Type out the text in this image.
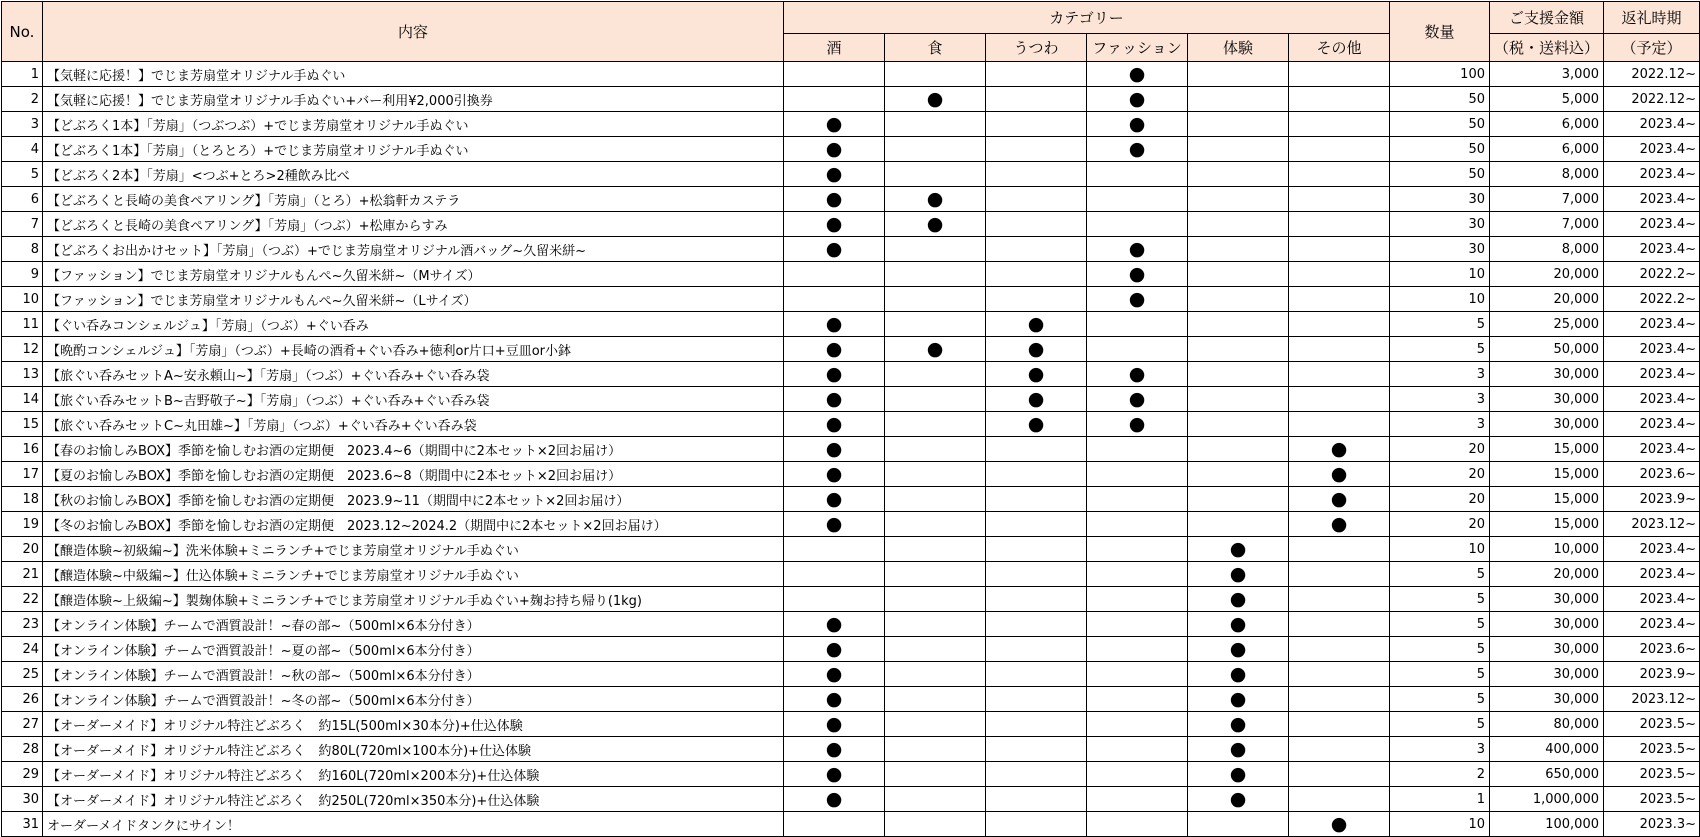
No.	内容	カテゴリー						数量	ご支援金額	返礼時期
		酒	食	うつわ	ファッション	体験	その他		（税・送料込）	（予定）
1	【気軽に応援！】でじま芳扇堂オリジナル手ぬぐい				●			100	3,000	2022.12~
2	【気軽に応援！】でじま芳扇堂オリジナル手ぬぐい+バー利用¥2,000引換券		●		●			50	5,000	2022.12~
3	【どぶろく1本】「芳扇」（つぶつぶ）+でじま芳扇堂オリジナル手ぬぐい	●			●			50	6,000	2023.4~
4	【どぶろく1本】「芳扇」（とろとろ）+でじま芳扇堂オリジナル手ぬぐい	●			●			50	6,000	2023.4~
5	【どぶろく2本】「芳扇」<つぶ+とろ>2種飲み比べ	●						50	8,000	2023.4~
6	【どぶろくと長崎の美食ペアリング】「芳扇」（とろ）+松翁軒カステラ	●	●					30	7,000	2023.4~
7	【どぶろくと長崎の美食ペアリング】「芳扇」（つぶ）+松庫からすみ	●	●					30	7,000	2023.4~
8	【どぶろくお出かけセット】「芳扇」（つぶ）+でじま芳扇堂オリジナル酒バッグ~久留米絣~	●			●			30	8,000	2023.4~
9	【ファッション】でじま芳扇堂オリジナルもんぺ~久留米絣~（Mサイズ）				●			10	20,000	2022.2~
10	【ファッション】でじま芳扇堂オリジナルもんぺ~久留米絣~（Lサイズ）				●			10	20,000	2022.2~
11	【ぐい呑みコンシェルジュ】「芳扇」（つぶ）+ぐい呑み	●		●				5	25,000	2023.4~
12	【晩酌コンシェルジュ】「芳扇」（つぶ）+長崎の酒肴+ぐい呑み+徳利or片口+豆皿or小鉢	●	●	●				5	50,000	2023.4~
13	【旅ぐい呑みセットA~安永頼山~】「芳扇」（つぶ）+ぐい呑み+ぐい呑み袋	●		●	●			3	30,000	2023.4~
14	【旅ぐい呑みセットB~吉野敬子~】「芳扇」（つぶ）+ぐい呑み+ぐい呑み袋	●		●	●			3	30,000	2023.4~
15	【旅ぐい呑みセットC~丸田雄~】「芳扇」（つぶ）+ぐい呑み+ぐい呑み袋	●		●	●			3	30,000	2023.4~
16	【春のお愉しみBOX】季節を愉しむお酒の定期便　2023.4~6（期間中に2本セット×2回お届け）	●					●	20	15,000	2023.4~
17	【夏のお愉しみBOX】季節を愉しむお酒の定期便　2023.6~8（期間中に2本セット×2回お届け）	●					●	20	15,000	2023.6~
18	【秋のお愉しみBOX】季節を愉しむお酒の定期便　2023.9~11（期間中に2本セット×2回お届け）	●					●	20	15,000	2023.9~
19	【冬のお愉しみBOX】季節を愉しむお酒の定期便　2023.12~2024.2（期間中に2本セット×2回お届け）	●					●	20	15,000	2023.12~
20	【醸造体験~初級編~】洗米体験+ミニランチ+でじま芳扇堂オリジナル手ぬぐい					●		10	10,000	2023.4~
21	【醸造体験~中級編~】仕込体験+ミニランチ+でじま芳扇堂オリジナル手ぬぐい					●		5	20,000	2023.4~
22	【醸造体験~上級編~】製麹体験+ミニランチ+でじま芳扇堂オリジナル手ぬぐい+麹お持ち帰り(1kg)					●		5	30,000	2023.4~
23	【オンライン体験】チームで酒質設計！~春の部~（500ml×6本分付き）	●				●		5	30,000	2023.4~
24	【オンライン体験】チームで酒質設計！~夏の部~（500ml×6本分付き）	●				●		5	30,000	2023.6~
25	【オンライン体験】チームで酒質設計！~秋の部~（500ml×6本分付き）	●				●		5	30,000	2023.9~
26	【オンライン体験】チームで酒質設計！~冬の部~（500ml×6本分付き）	●				●		5	30,000	2023.12~
27	【オーダーメイド】オリジナル特注どぶろく　約15L(500ml×30本分)+仕込体験	●				●		5	80,000	2023.5~
28	【オーダーメイド】オリジナル特注どぶろく　約80L(720ml×100本分)+仕込体験	●				●		3	400,000	2023.5~
29	【オーダーメイド】オリジナル特注どぶろく　約160L(720ml×200本分)+仕込体験	●				●		2	650,000	2023.5~
30	【オーダーメイド】オリジナル特注どぶろく　約250L(720ml×350本分)+仕込体験	●				●		1	1,000,000	2023.5~
31	オーダーメイドタンクにサイン！						●	10	100,000	2023.3~
